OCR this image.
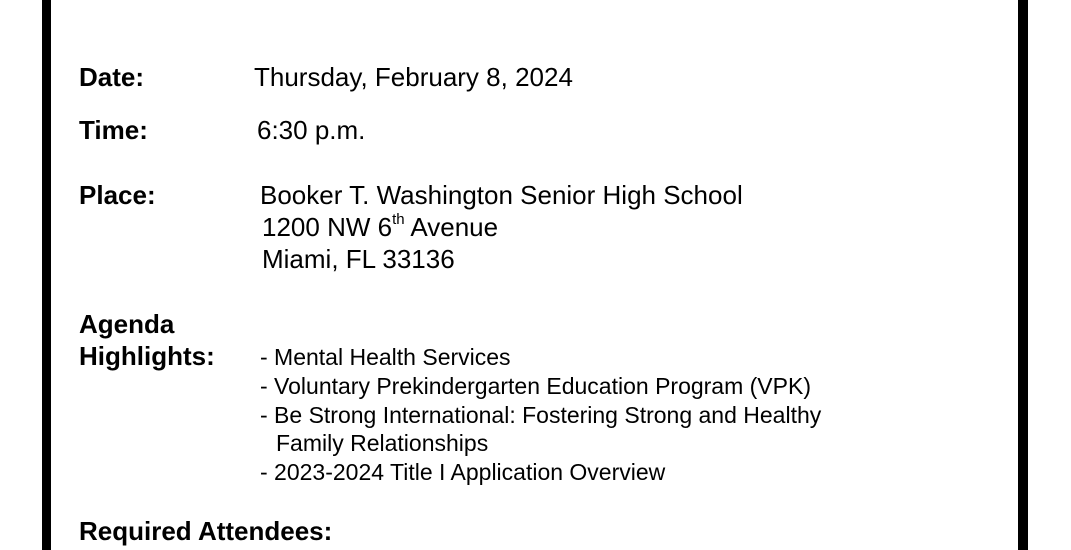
Date:	Thursday, February 8, 2024
Time:	6:30 p.m.
Place:	Booker T. Washington Senior High School
1200 NW 6th Avenue
Miami, FL 33136
Agenda
Highlights: - Mental Health Services
- Voluntary Prekindergarten Education Program (VPK)
- Be Strong International: Fostering Strong and Healthy
Family Relationships
- 2023-2024 Title I Application Overview
Required Attendees:
